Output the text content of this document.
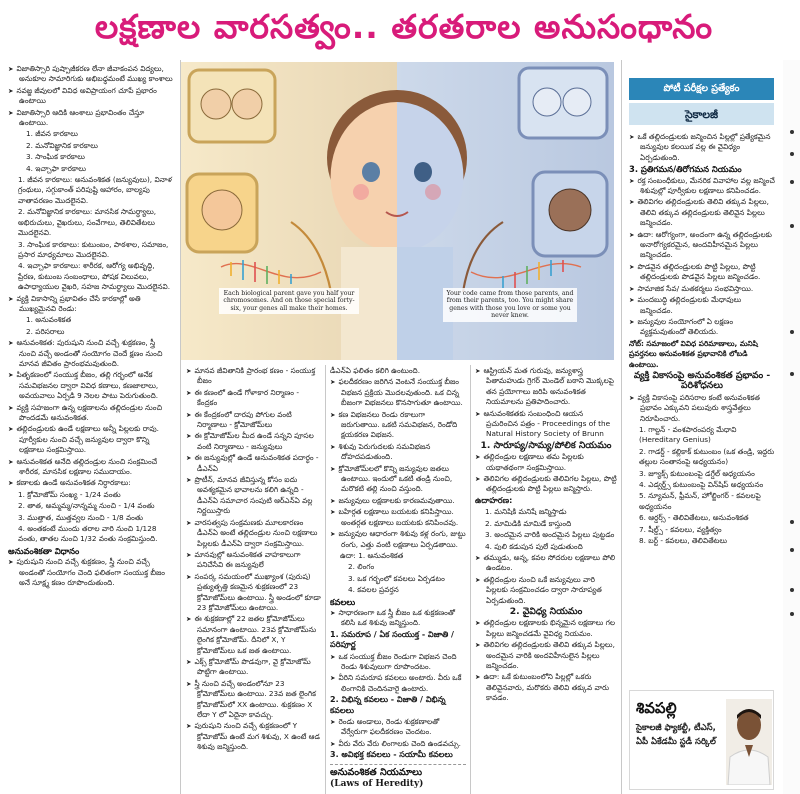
లక్షణాల వారసత్వం.. తరతరాల అనుసంధానం

➤ విజాతిస్సారి పుష్పాజీకరణ లేనా జీవాకంపన విద్యలు, అనుకూల సామారిగుకు అభిబధ్ధమంటే ముఖ్య కాంశాలు

➤ నవజ్జ జీవులలో వివిధ అవిప్రాయంగ చూపే ప్రభారం ఉంటాయి

➤ విజాతిస్సారి ఆదికి ఆంశాలు ప్రభావింతం చేస్తూ ఉంటాయి.

1. జీవన కారకాలు

2. మనోవిజ్ఞానిక కారకాలు

3. సాంఘిక కారకాలు

4. ఇచ్చాఫా కారకాలు

1. జీవన కారకాలు: అనువంశికత (జన్యువులు), వినాళ గ్రంథులు, సగ్గుకాంత్ పరిపుష్టి ఆహారం, బాల్యపు వాతావరణం మొదలైనవి.

2. మనోవిజ్ఞానిక కారకాలు: మానసిక సామర్థ్యాలు, అభిరుచులు, వైఖరులు, సంవేగాలు, తెలివితేటలు మొదలైనవి.

3. సాంఘిక కారకాలు: కుటుంబం, పాఠశాల, సమాజం, ప్రసార మాధ్యమాలు మొదలైనవి.

4. ఇచ్చాఫా కారకాలు: శారీరక, ఆరోగ్య అభివృద్ధి, ప్రేరణ, కుటుంబ సంబంధాలు, పోషక విలువలు, ఉపాధ్యాయుల వైఖరి, సహజ సామర్థ్యాలు మొదలైనవి.

➤ వ్యక్తి వికాసాన్ని ప్రభావితం చేసే కారకాల్లో అతి ముఖ్యమైనవి రెండు:

1. అనువంశికత

2. పరిసరాలు

➤ అనువంశికత: పురుషుని నుంచి వచ్చే శుక్రకణం, స్త్రీ నుంచి వచ్చే అండంతో సంయోగం చెందే క్షణం నుంచి మానవ జీవితం ప్రారంభమవుతుంది.

➤ పితృకణంలో సంయుక్త బీజం, తల్లి గర్భంలో అనేక సమవిభజనల ద్వారా వివిధ కణాలు, కణజాలాలు, అవయవాలు ఏర్పడి 9 నెలల పాటు పెరుగుతుంది.

➤ వ్యక్తి సహజంగా ఉన్న లక్షణాలను తల్లిదండ్రుల నుంచి పొందడమే అనువంశికత.

➤ తల్లిదండ్రులకు ఉండే లక్షణాలు అన్నీ పిల్లలకు రావు. పూర్వీకుల నుంచి వచ్చే జన్యువుల ద్వారా కొన్ని లక్షణాలు సంక్రమిస్తాయి.

➤ అనువంశికత అనేది తల్లిదండ్రుల నుంచి సంక్రమించే శారీరక, మానసిక లక్షణాల సముదాయం.

➤ కణాలకు ఉండే అనువంశికత నిర్ధారకాలు:

1. క్రోమోజోమ్ సంఖ్య - 1/24 వంతు

2. తాత, అమ్మమ్మ/నాన్నమ్మ నుంచి - 1/4 వంతు

3. ముత్తాత, ముత్తవ్వల నుంచి - 1/8 వంతు

4. అంతకంటే ముందు తరాల వారి నుంచి 1/128 వంతు, తాతల నుంచి 1/32 వంతు సంక్రమిస్తుంది.

అనువంశికతా విధానం

➤ పురుషుని నుంచి వచ్చే శుక్రకణం, స్త్రీ నుంచి వచ్చే అండంతో సంయోగం చెంది ఫలితంగా సంయుక్త బీజం అనే సూక్ష్మ కణం రూపొందుతుంది.

Each biological parent gave you half your chromosomes. And on those special forty-six, your genes all make their homes.
Your code came from those parents, and from their parents, too. You might share genes with those you love or some you never knew.

➤ మానవ జీవితానికి ప్రారంభ కణం - సంయుక్త బీజం

➤ ఈ కణంలో ఉండే గోళాకార నిర్మాణం - కేంద్రకం

➤ ఈ కేంద్రకంలో దారపు పోగుల వంటి నిర్మాణాలు - క్రోమోజోమ్‌లు

➤ ఈ క్రోమోజోమ్‌ల మీద ఉండే సన్నని పూసల వంటి నిర్మాణాలు - జన్యువులు

➤ ఈ జన్యువుల్లో ఉండే అనువంశికత పదార్థం - డీఎన్‌ఏ

➤ ప్రొటీన్, మానవ జీవిస్తున్న కోసం ఐదు అవశ్యకమైన భావాలను కలిగి ఉన్నది - డీఎన్‌ఏ సమాచార సంపుటి ఆర్‌ఎన్‌ఏ వల్ల నిర్ణయిస్తారు

➤ వారసత్వపు సంక్రమణకు మూలకారణం డీఎన్‌ఏ అంటే తల్లిదండ్రుల నుంచి లక్షణాలు పిల్లలకు డీఎన్‌ఏ ద్వారా సంక్రమిస్తాయి.

➤ మానవుల్లో అనువంశికత వాహకాలుగా పనిచేసేవి ఈ జన్యువులే

➤ సంపర్క సమయంలో ముఖ్యాంశ (పురుష) ప్రత్యుత్పత్తి కణమైన శుక్రకణంలో 23 క్రోమోజోమ్‌లు ఉంటాయి. స్త్రీ అండంలో కూడా 23 క్రోమోజోమ్‌లు ఉంటాయి.

➤ ఈ శుక్రకణాల్లో 22 జతల క్రోమోజోమ్‌లు సమానంగా ఉంటాయి. 23వ క్రోమోజోమ్‌ను లైంగిక క్రోమోజోమ్. దీనిలో X, Y క్రోమోజోమ్‌లు ఒక జత ఉంటాయి.

➤ ఎక్స్ క్రోమోజోమ్ పొడవుగా, వై క్రోమోజోమ్ పొట్టిగా ఉంటాయి.

➤ స్త్రీ నుంచి వచ్చే అండంలోనూ 23 క్రోమోజోమ్‌లు ఉంటాయి. 23వ జత లైంగిక క్రోమోజోమ్‌లో XX ఉంటాయి. శుక్రకణం X లేదా Y లో ఏదైనా కావచ్చు.

➤ పురుషుని నుంచి వచ్చే శుక్రకణంలో Y క్రోమోజోమ్ ఉంటే మగ శిశువు, X ఉంటే ఆడ శిశువు జన్మిస్తుంది.

డీఎన్‌ఏ ఫలితం కలిగి ఉంటుంది.

➤ ఫలదీకరణం జరిగిన వెంటనే సంయుక్త బీజం విభజన ప్రక్రియ మొదలవుతుంది. ఒక చిన్న బీజంగా విభజనలు కొనసాగుతూ ఉంటాయి.

➤ కణ విభజనలు రెండు రకాలుగా జరుగుతాయి. ఒకటి సమవిభజన, రెండోది క్షయకరణ విభజన.

➤ శిశువు పెరుగుదలకు సమవిభజన దోహదపడుతుంది.

➤ క్రోమోజోమ్‌లలో కొన్ని జన్యువుల జతలు ఉంటాయి. ఇందులో ఒకటి తండ్రి నుంచి, మరొకటి తల్లి నుంచి వస్తుంది.

➤ జన్యువులు లక్షణాలకు కారణమవుతాయి.

➤ బహిర్గత లక్షణాలు బయటకు కనిపిస్తాయి. అంతర్గత లక్షణాలు బయటకు కనిపించవు.

➤ జన్యువుల ఆధారంగా శిశువు కళ్ల రంగు, జుట్టు రంగు, ఎత్తు వంటి లక్షణాలు ఏర్పడతాయి.

ఉదా: 1. అనువంశికత

2. లింగం

3. ఒక గర్భంలో కవలలు ఏర్పడటం

4. కవలల ప్రవర్తన

కవలలు

➤ సాధారణంగా ఒక స్త్రీ బీజం ఒక శుక్రకణంతో కలిసి ఒక శిశువు జన్మిస్తుంది.

1. సమరూప / ఏక సంయుక్త - విజాతి / పరిపూర్ణ

➤ ఒక సంయుక్త బీజం రెండుగా విభజన చెంది రెండు శిశువులుగా రూపొందటం.

➤ వీరిని సమరూప కవలలు అంటారు. వీరు ఒకే లింగానికి చెందినవారై ఉంటారు.

2. విభిన్న కవలలు - విజాతి / విభిన్న కవలలు

➤ రెండు అండాలు, రెండు శుక్రకణాలతో వేర్వేరుగా ఫలదీకరణం చెందటం.

➤ వీరు వేరు వేరు లింగాలకు చెంది ఉండవచ్చు.

3. అవిభక్త కవలలు - సయామీ కవలలు

అనువంశికత నియమాలు

(Laws of Heredity)

➤ ఆస్ట్రియన్ మత గురువు, జన్యుశాస్త్ర పితామహుడు గ్రెగర్ మెండెల్ బఠాని మొక్కలపై తన ప్రయోగాలు జరిపి అనువంశికత నియమాలను ప్రతిపాదించారు.

➤ అనువంశికతకు సంబంధించి ఆయన ప్రచురించిన పత్రం - Proceedings of the Natural History Society of Brunn

1. సారూప్య/సామ్య/పోలిక నియమం

➤ తల్లిదండ్రుల లక్షణాలు తమ పిల్లలకు యథాతథంగా సంక్రమిస్తాయి.

➤ తెలివిగల తల్లిదండ్రులకు తెలివిగల పిల్లలు, పొట్టి తల్లిదండ్రులకు పొట్టి పిల్లలు జన్మిస్తారు.

ఉదాహరణ:

1. మనిషికి మనిషే జన్మిస్తాడు

2. మామిడికి మామిడే కాస్తుంది

3. అందమైన వారికి అందమైన పిల్లలు పుట్టడం

4. పులి కడుపున పులే పుడుతుంది

➤ తమ్ముడు, అన్న, కవల సోదరుల లక్షణాలు పోలి ఉండటం.

➤ తల్లిదండ్రుల నుంచి ఒకే జన్యువులు వారి పిల్లలకు సంక్రమించడం ద్వారా సారూప్యత ఏర్పడుతుంది.

2. వైవిధ్య నియమం

➤ తల్లిదండ్రుల లక్షణాలకు భిన్నమైన లక్షణాలు గల పిల్లలు జన్మించడమే వైవిధ్య నియమం.

➤ తెలివిగల తల్లిదండ్రులకు తెలివి తక్కువ పిల్లలు, అందమైన వారికి అందవిహీనులైన పిల్లలు జన్మించడం.

➤ ఉదా: ఒకే కుటుంబంలోని పిల్లల్లో ఒకరు తెలివైనవారు, మరొకరు తెలివి తక్కువ వారు కావడం.

పోటీ పరీక్షల ప్రత్యేకం
సైకాలజీ

➤ ఒకే తల్లిదండ్రులకు జన్మించిన పిల్లల్లో ప్రత్యేకమైన జన్యువుల కలయిక వల్ల ఈ వైవిధ్యం ఏర్పడుతుంది.

3. ప్రతిగమన/తిరోగమన నియమం

➤ రక్త సంబంధీకులు, మేనరిక వివాహాల వల్ల జన్మించే శిశువుల్లో పూర్వీకుల లక్షణాలు కనిపించడం.

➤ తెలివిగల తల్లిదండ్రులకు తెలివి తక్కువ పిల్లలు, తెలివి తక్కువ తల్లిదండ్రులకు తెలివైన పిల్లలు జన్మించడం.

➤ ఉదా: ఆరోగ్యంగా, అందంగా ఉన్న తల్లిదండ్రులకు అనారోగ్యకరమైన, అందవిహీనమైన పిల్లలు జన్మించడం.

➤ పొడవైన తల్లిదండ్రులకు పొట్టి పిల్లలు, పొట్టి తల్లిదండ్రులకు పొడవైన పిల్లలు జన్మించడం.

➤ సామాజిక సేవ/ మతకర్మలు సంభవిస్తాయి.

➤ మందబుద్ధి తల్లిదండ్రులకు మేధావులు జన్మించడం.

➤ జన్యువుల సంయోగంలో ఏ లక్షణం వ్యక్తమవుతుందో తెలియదు.

నోట్: సమాజంలో వివిధ పరిమాణాలు, మనిషి ప్రవర్తనలు అనువంశికత ప్రభావానికి లోబడి ఉంటాయి.

వ్యక్తి వికాసంపై అనువంశికత ప్రభావం - పరిశోధనలు

➤ వ్యక్తి వికాసంపై పరిసరాల కంటే అనువంశికత ప్రభావం ఎక్కువని పలువురు శాస్త్రవేత్తలు నిరూపించారు.

1. గాల్టన్ - వంశపారంపర్య మేధావి (Hereditary Genius)

2. గాడర్డ్ - కల్లికాక్ కుటుంబం (ఒక తండ్రి, ఇద్దరు తల్లుల సంతానంపై అధ్యయనం)

3. జ్యూక్స్ కుటుంబంపై డగ్డేల్ అధ్యయనం

4. ఎడ్వర్డ్స్ కుటుంబంపై విన్‌షిప్ అధ్యయనం

5. న్యూమన్, ఫ్రీమన్, హోల్జింగర్ - కవలలపై అధ్యయనం

6. ఆర్డర్స్ - తెలివితేటలు, అనువంశికత

7. షీల్డ్స్ - కవలలు, వ్యక్తిత్వం

8. బర్ట్ - కవలలు, తెలివితేటలు

శివపల్లి
సైకాలజీ ఫ్యాకల్టీ, టీఎస్, ఏపీ ఏకేడమీ స్టడీ సర్కిల్
